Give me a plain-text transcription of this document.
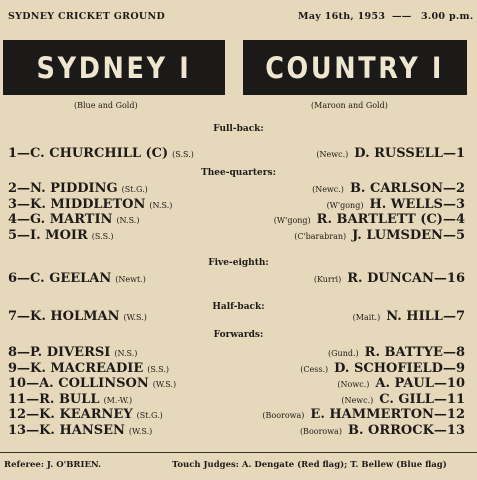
SYDNEY CRICKET GROUND	May 16th, 1953 —— 3.00 p.m.
SYDNEY I	COUNTRY I
(Blue and Gold)	(Maroon and Gold)
Full-back:
1—C. CHURCHILL (C) (S.S.)	(Newc.) D. RUSSELL—1
Thee-quarters:
2—N. PIDDING (St.G.)	(Newc.) B. CARLSON—2
3—K. MIDDLETON (N.S.)	(W'gong) H. WELLS—3
4—G. MARTIN (N.S.)	(W'gong) R. BARTLETT (C)—4
5—I. MOIR (S.S.)	(C'barabran) J. LUMSDEN—5
Five-eighth:
6—C. GEELAN (Newt.)	(Kurri) R. DUNCAN—16
Half-back:
7—K. HOLMAN (W.S.)	(Mait.) N. HILL—7
Forwards:
8—P. DIVERSI (N.S.)	(Gund.) R. BATTYE—8
9—K. MACREADIE (S.S.)	(Cess.) D. SCHOFIELD—9
10—A. COLLINSON (W.S.)	(Nowc.) A. PAUL—10
11—R. BULL (M.-W.)	(Newc.) C. GILL—11
12—K. KEARNEY (St.G.)	(Boorowa) E. HAMMERTON—12
13—K. HANSEN (W.S.)	(Boorowa) B. ORROCK—13
Referee: J. O'BRIEN.	Touch Judges: A. Dengate (Red flag); T. Bellew (Blue flag)
